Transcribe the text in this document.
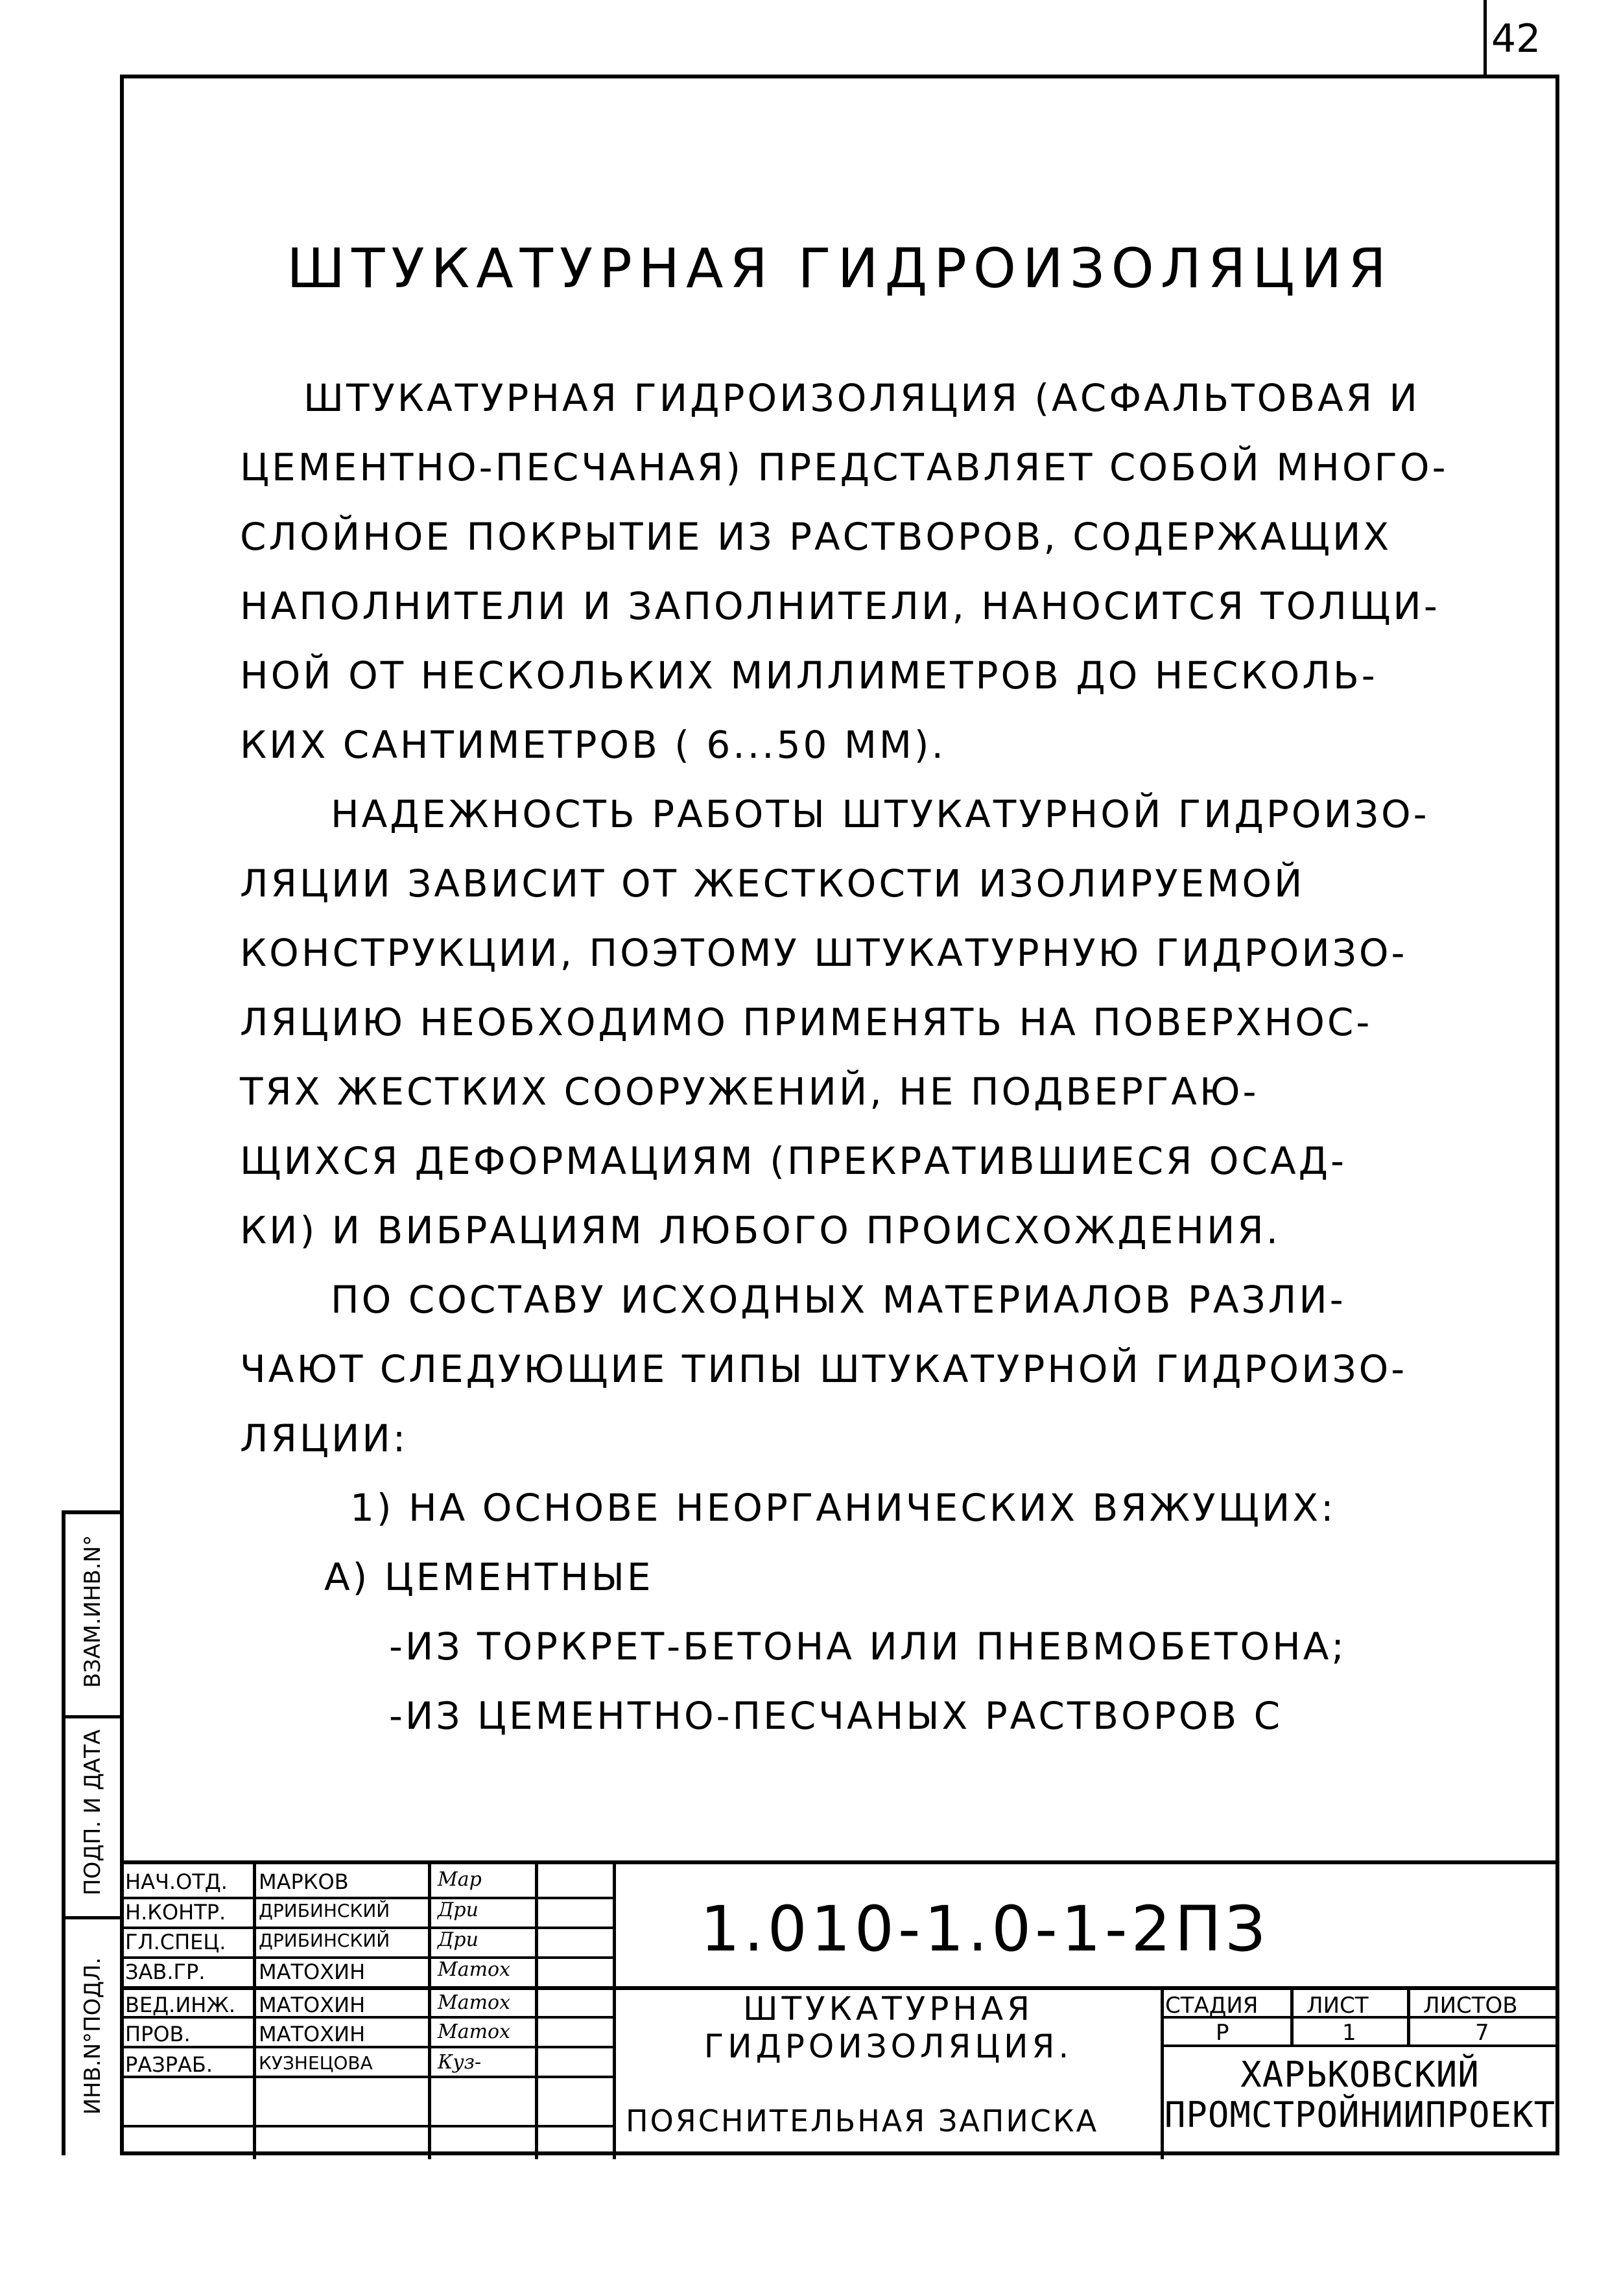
42
ШТУКАТУРНАЯ ГИДРОИЗОЛЯЦИЯ
ШТУКАТУРНАЯ ГИДРОИЗОЛЯЦИЯ (АСФАЛЬТОВАЯ И
ЦЕМЕНТНО-ПЕСЧАНАЯ) ПРЕДСТАВЛЯЕТ СОБОЙ МНОГО-
СЛОЙНОЕ ПОКРЫТИЕ ИЗ РАСТВОРОВ, СОДЕРЖАЩИХ
НАПОЛНИТЕЛИ И ЗАПОЛНИТЕЛИ, НАНОСИТСЯ ТОЛЩИ-
НОЙ ОТ НЕСКОЛЬКИХ МИЛЛИМЕТРОВ ДО НЕСКОЛЬ-
КИХ САНТИМЕТРОВ ( 6...50 ММ).
НАДЕЖНОСТЬ РАБОТЫ ШТУКАТУРНОЙ ГИДРОИЗО-
ЛЯЦИИ ЗАВИСИТ ОТ ЖЕСТКОСТИ ИЗОЛИРУЕМОЙ
КОНСТРУКЦИИ, ПОЭТОМУ ШТУКАТУРНУЮ ГИДРОИЗО-
ЛЯЦИЮ НЕОБХОДИМО ПРИМЕНЯТЬ НА ПОВЕРХНОС-
ТЯХ ЖЕСТКИХ СООРУЖЕНИЙ, НЕ ПОДВЕРГАЮ-
ЩИХСЯ ДЕФОРМАЦИЯМ (ПРЕКРАТИВШИЕСЯ ОСАД-
КИ) И ВИБРАЦИЯМ ЛЮБОГО ПРОИСХОЖДЕНИЯ.
ПО СОСТАВУ ИСХОДНЫХ МАТЕРИАЛОВ РАЗЛИ-
ЧАЮТ СЛЕДУЮЩИЕ ТИПЫ ШТУКАТУРНОЙ ГИДРОИЗО-
ЛЯЦИИ:
1) НА ОСНОВЕ НЕОРГАНИЧЕСКИХ ВЯЖУЩИХ:
А) ЦЕМЕНТНЫЕ
-ИЗ ТОРКРЕТ-БЕТОНА ИЛИ ПНЕВМОБЕТОНА;
-ИЗ ЦЕМЕНТНО-ПЕСЧАНЫХ РАСТВОРОВ С
ВЗАМ.ИНВ.N°
ПОДП. И ДАТА
ИНВ.N°ПОДЛ.
НАЧ.ОТД. МАРКОВ	Мар
Н.КОНТР. ДРИБИНСКИЙ Дри
ГЛ.СПЕЦ. ДРИБИНСКИЙ Дри
ЗАВ.ГР.	МАТОХИН	Матох
ВЕД.ИНЖ. МАТОХИН	Матох
ПРОВ.	МАТОХИН	Матох
РАЗРАБ.	КУЗНЕЦОВА	Куз-
СТАДИЯ ЛИСТ ЛИСТОВ
Р	1	7
1.010-1.0-1-2ПЗ
ШТУКАТУРНАЯ
ГИДРОИЗОЛЯЦИЯ.
ПОЯСНИТЕЛЬНАЯ ЗАПИСКА
ХАРЬКОВСКИЙ
ПРОМСТРОЙНИИПРОЕКТ
